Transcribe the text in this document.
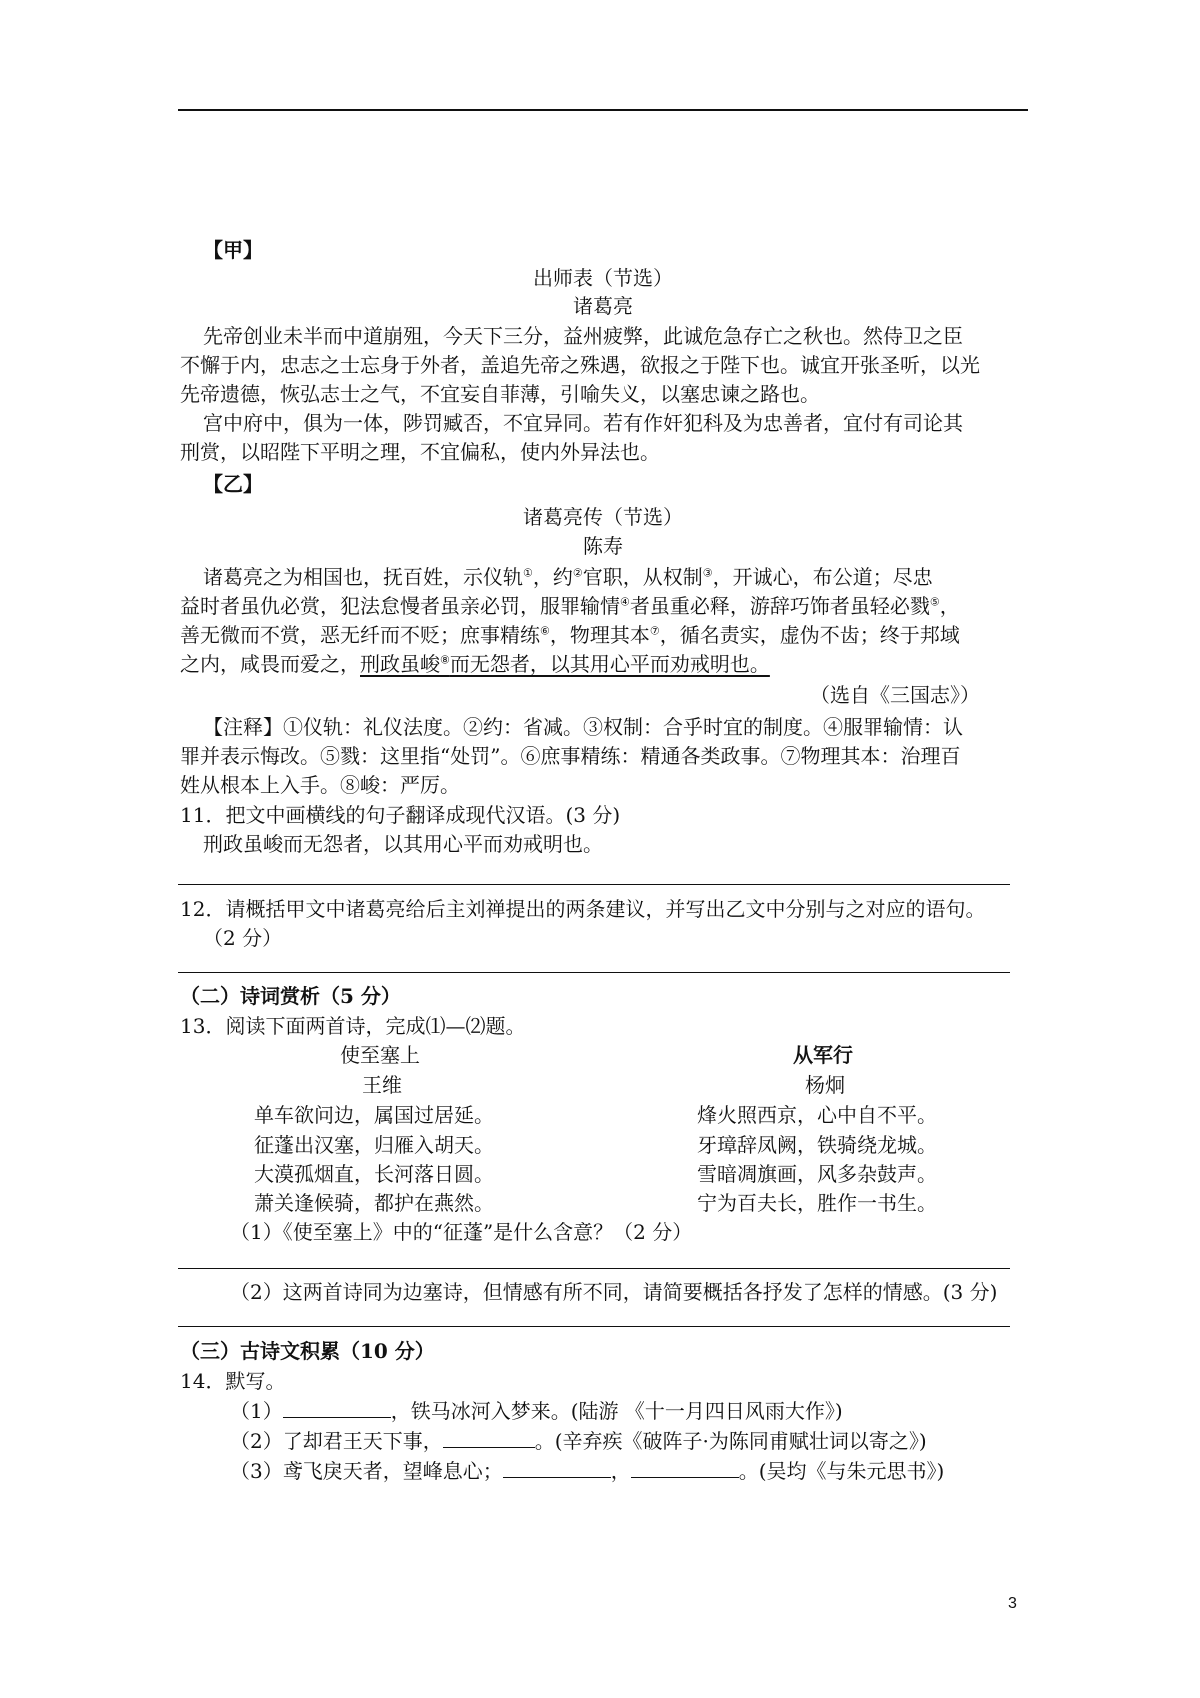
【甲】
出师表（节选）
诸葛亮
先帝创业未半而中道崩殂，今天下三分，益州疲弊，此诚危急存亡之秋也。然侍卫之臣
不懈于内，忠志之士忘身于外者，盖追先帝之殊遇，欲报之于陛下也。诚宜开张圣听，以光
先帝遗德，恢弘志士之气，不宜妄自菲薄，引喻失义，以塞忠谏之路也。
宫中府中，俱为一体，陟罚臧否，不宜异同。若有作奸犯科及为忠善者，宜付有司论其
刑赏，以昭陛下平明之理，不宜偏私，使内外异法也。
【乙】
诸葛亮传（节选）
陈寿
诸葛亮之为相国也，抚百姓，示仪轨①，约②官职，从权制③，开诚心，布公道；尽忠
益时者虽仇必赏，犯法怠慢者虽亲必罚，服罪输情④者虽重必释，游辞巧饰者虽轻必戮⑤，
善无微而不赏，恶无纤而不贬；庶事精练⑥，物理其本⑦，循名责实，虚伪不齿；终于邦域
之内，咸畏而爱之，刑政虽峻⑧而无怨者，以其用心平而劝戒明也。
（选自《三国志》）
【注释】①仪轨：礼仪法度。②约：省减。③权制：合乎时宜的制度。④服罪输情：认
罪并表示悔改。⑤戮：这里指“处罚”。⑥庶事精练：精通各类政事。⑦物理其本：治理百
姓从根本上入手。⑧峻：严厉。
11．把文中画横线的句子翻译成现代汉语。(3 分)
刑政虽峻而无怨者，以其用心平而劝戒明也。
12．请概括甲文中诸葛亮给后主刘禅提出的两条建议，并写出乙文中分别与之对应的语句。
（2 分）
（二）诗词赏析（5 分）
13．阅读下面两首诗，完成⑴—⑵题。
使至塞上
王维
单车欲问边，属国过居延。
征蓬出汉塞，归雁入胡天。
大漠孤烟直，长河落日圆。
萧关逢候骑，都护在燕然。
从军行
杨炯
烽火照西京，心中自不平。
牙璋辞凤阙，铁骑绕龙城。
雪暗凋旗画，风多杂鼓声。
宁为百夫长，胜作一书生。
（1）《使至塞上》中的“征蓬”是什么含意？（2 分）
（2）这两首诗同为边塞诗，但情感有所不同，请简要概括各抒发了怎样的情感。(3 分)
（三）古诗文积累（10 分）
14．默写。
（1）	，铁马冰河入梦来。(陆游 《十一月四日风雨大作》)
（2）了却君王天下事，	。(辛弃疾《破阵子·为陈同甫赋壮词以寄之》)
（3）鸢飞戾天者，望峰息心；	，	。(吴均《与朱元思书》)
3
